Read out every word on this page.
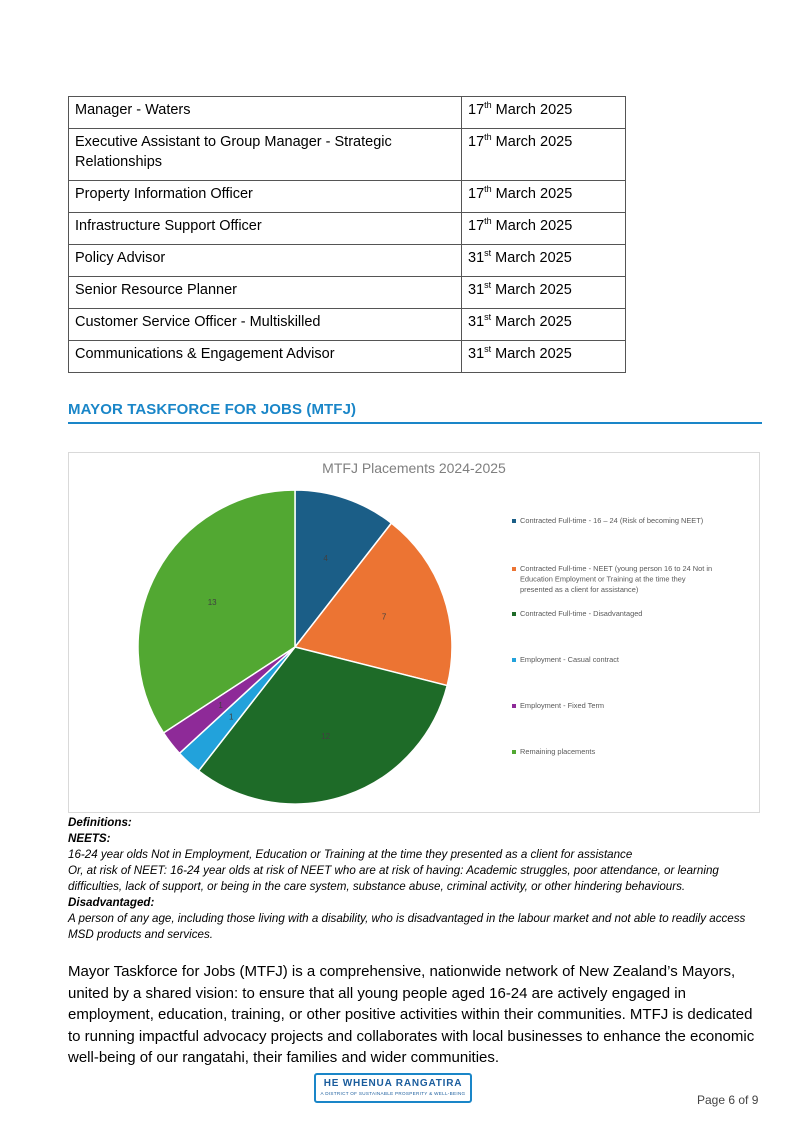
Manager - Waters	17th March 2025
Executive Assistant to Group Manager - Strategic Relationships	17th March 2025
Property Information Officer	17th March 2025
Infrastructure Support Officer	17th March 2025
Policy Advisor	31st March 2025
Senior Resource Planner	31st March 2025
Customer Service Officer - Multiskilled	31st March 2025
Communications & Engagement Advisor	31st March 2025
MAYOR TASKFORCE FOR JOBS (MTFJ)
MTFJ Placements 2024-2025
4
7
12
1
1
13
Contracted Full-time - 16 – 24 (Risk of becoming NEET)
Contracted Full-time - NEET (young person 16 to 24 Not in Education Employment or Training at the time they presented as a client for assistance)
Contracted Full-time - Disadvantaged
Employment - Casual contract
Employment - Fixed Term
Remaining placements

Definitions:

NEETS:

16-24 year olds Not in Employment, Education or Training at the time they presented as a client for assistance

Or, at risk of NEET: 16-24 year olds at risk of NEET who are at risk of having: Academic struggles, poor attendance, or learning difficulties, lack of support, or being in the care system, substance abuse, criminal activity, or other hindering behaviours.

Disadvantaged:

A person of any age, including those living with a disability, who is disadvantaged in the labour market and not able to readily access MSD products and services.

Mayor Taskforce for Jobs (MTFJ) is a comprehensive, nationwide network of New Zealand’s Mayors, united by a shared vision: to ensure that all young people aged 16-24 are actively engaged in employment, education, training, or other positive activities within their communities. MTFJ is dedicated to running impactful advocacy projects and collaborates with local businesses to enhance the economic well-being of our rangatahi, their families and wider communities.
HE WHENUA RANGATIRA
A DISTRICT OF SUSTAINABLE PROSPERITY & WELL-BEING	Page 6 of 9
